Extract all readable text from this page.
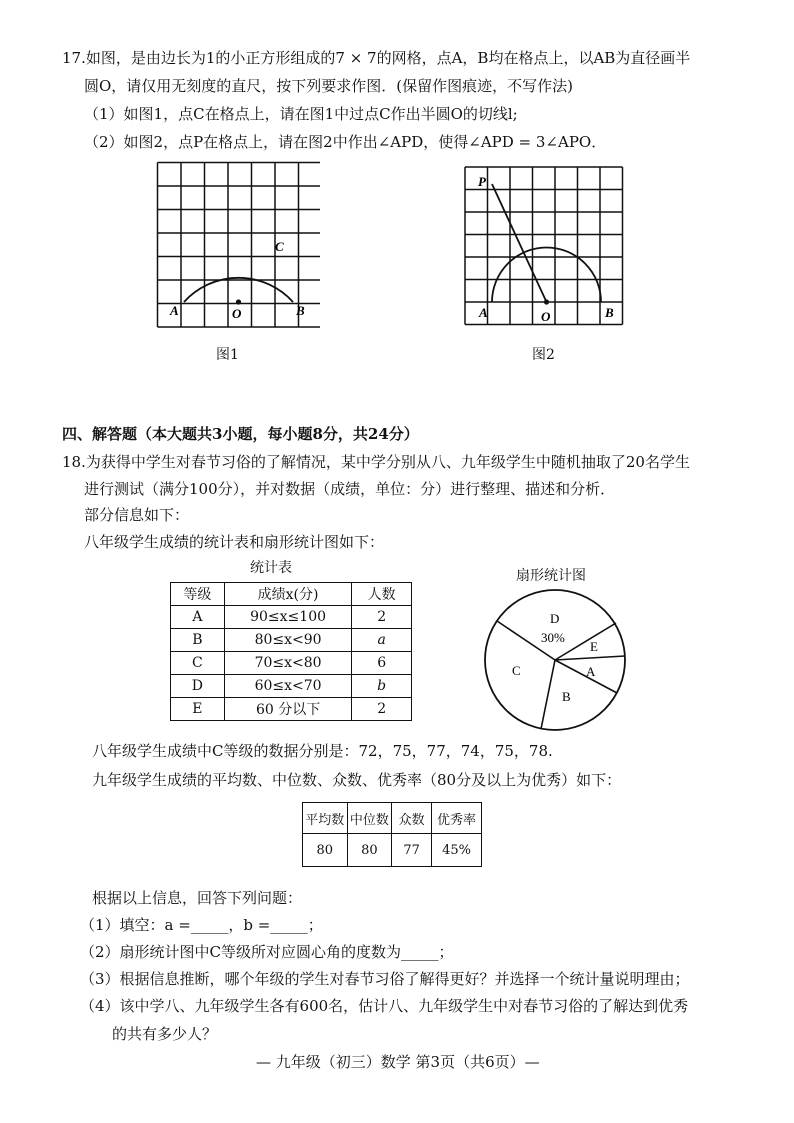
17.如图，是由边长为1的小正方形组成的7 × 7的网格，点A，B均在格点上，以AB为直径画半
圆O，请仅用无刻度的直尺，按下列要求作图．(保留作图痕迹，不写作法)
（1）如图1，点C在格点上，请在图1中过点C作出半圆O的切线l;
（2）如图2，点P在格点上，请在图2中作出∠APD，使得∠APD = 3∠APO．
A	O	B
C
图1
P
A	O	B
图2
四、解答题（本大题共3小题，每小题8分，共24分）
18.为获得中学生对春节习俗的了解情况，某中学分别从八、九年级学生中随机抽取了20名学生
进行测试（满分100分），并对数据（成绩，单位：分）进行整理、描述和分析．
部分信息如下：
八年级学生成绩的统计表和扇形统计图如下：
统计表
等级	成绩x(分)	人数
A	90≤x≤100	2
B	80≤x<90	a
C	70≤x<80	6
D	60≤x<70	b
E	60 分以下	2
扇形统计图
D
30%
E
A
B
C
八年级学生成绩中C等级的数据分别是：72，75，77，74，75，78.
九年级学生成绩的平均数、中位数、众数、优秀率（80分及以上为优秀）如下：
平均数	中位数	众数	优秀率
80	80	77	45%
根据以上信息，回答下列问题：
（1）填空：a =_____，b =_____；
（2）扇形统计图中C等级所对应圆心角的度数为_____；
（3）根据信息推断，哪个年级的学生对春节习俗了解得更好？并选择一个统计量说明理由；
（4）该中学八、九年级学生各有600名，估计八、九年级学生中对春节习俗的了解达到优秀
的共有多少人？
— 九年级（初三）数学 第3页（共6页）—
